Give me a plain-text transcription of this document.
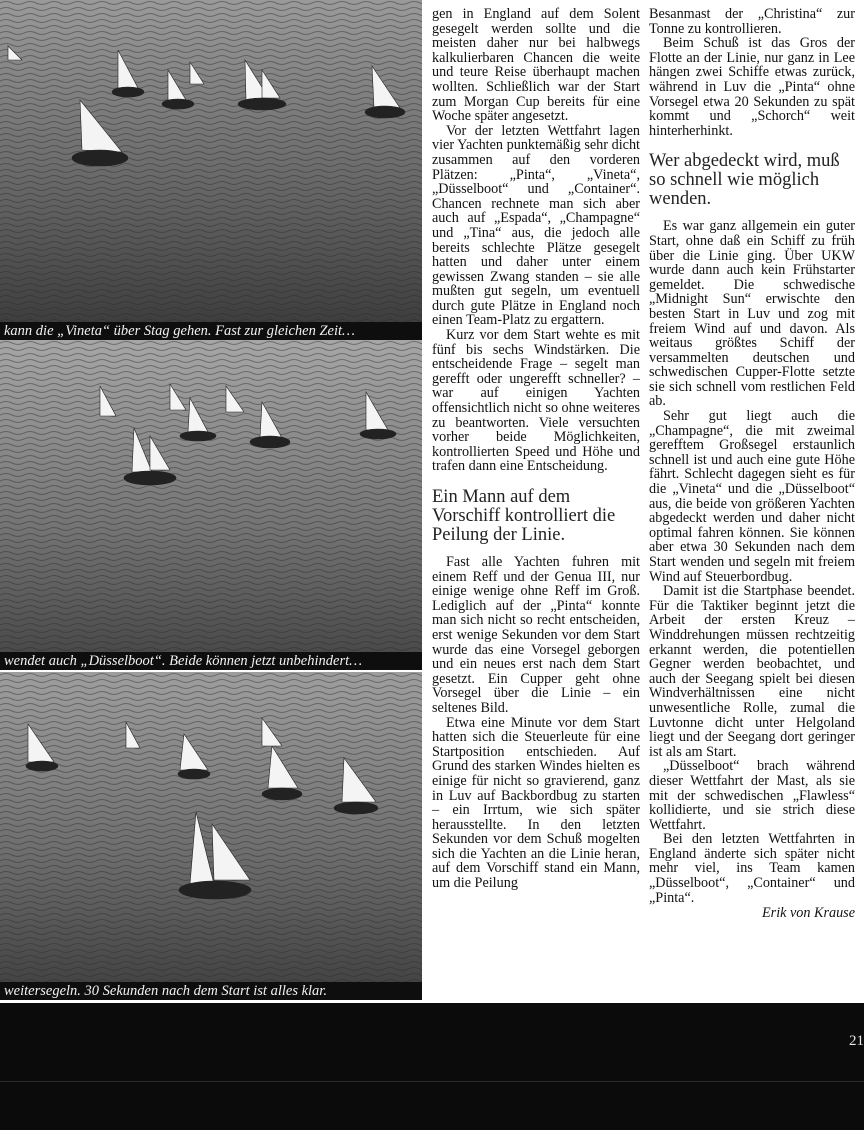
kann die „Vineta“ über Stag gehen. Fast zur gleichen Zeit…
wendet auch „Düsselboot“. Beide können jetzt unbehindert…
weitersegeln. 30 Sekunden nach dem Start ist alles klar.

gen in England auf dem Solent gesegelt werden sollte und die meisten daher nur bei halbwegs kalkulierbaren Chancen die weite und teure Reise überhaupt machen wollten. Schließlich war der Start zum Morgan Cup bereits für eine Woche später angesetzt.

Vor der letzten Wettfahrt lagen vier Yachten punktemäßig sehr dicht zusammen auf den vorderen Plätzen: „Pinta“, „Vineta“, „Düsselboot“ und „Container“. Chancen rechnete man sich aber auch auf „Espada“, „Champagne“ und „Tina“ aus, die jedoch alle bereits schlechte Plätze gesegelt hatten und daher unter einem gewissen Zwang standen – sie alle mußten gut segeln, um eventuell durch gute Plätze in England noch einen Team-Platz zu ergattern.

Kurz vor dem Start wehte es mit fünf bis sechs Windstärken. Die entscheidende Frage – segelt man gerefft oder ungerefft schneller? – war auf einigen Yachten offensichtlich nicht so ohne weiteres zu beantworten. Viele versuchten vorher beide Möglichkeiten, kontrollierten Speed und Höhe und trafen dann eine Entscheidung.

Ein Mann auf dem Vorschiff kontrolliert die Peilung der Linie.

Fast alle Yachten fuhren mit einem Reff und der Genua III, nur einige wenige ohne Reff im Groß. Lediglich auf der „Pinta“ konnte man sich nicht so recht entscheiden, erst wenige Sekunden vor dem Start wurde das eine Vorsegel geborgen und ein neues erst nach dem Start gesetzt. Ein Cupper geht ohne Vorsegel über die Linie – ein seltenes Bild.

Etwa eine Minute vor dem Start hatten sich die Steuerleute für eine Startposition entschieden. Auf Grund des starken Windes hielten es einige für nicht so gravierend, ganz in Luv auf Backbordbug zu starten – ein Irrtum, wie sich später herausstellte. In den letzten Sekunden vor dem Schuß mogelten sich die Yachten an die Linie heran, auf dem Vorschiff stand ein Mann, um die Peilung

Besanmast der „Christina“ zur Tonne zu kontrollieren.

Beim Schuß ist das Gros der Flotte an der Linie, nur ganz in Lee hängen zwei Schiffe etwas zurück, während in Luv die „Pinta“ ohne Vorsegel etwa 20 Sekunden zu spät kommt und „Schorch“ weit hinterherhinkt.

Wer abgedeckt wird, muß so schnell wie möglich wenden.

Es war ganz allgemein ein guter Start, ohne daß ein Schiff zu früh über die Linie ging. Über UKW wurde dann auch kein Frühstarter gemeldet. Die schwedische „Midnight Sun“ erwischte den besten Start in Luv und zog mit freiem Wind auf und davon. Als weitaus größtes Schiff der versammelten deutschen und schwedischen Cupper-Flotte setzte sie sich schnell vom restlichen Feld ab.

Sehr gut liegt auch die „Champagne“, die mit zweimal gerefftem Großsegel erstaunlich schnell ist und auch eine gute Höhe fährt. Schlecht dagegen sieht es für die „Vineta“ und die „Düsselboot“ aus, die beide von größeren Yachten abgedeckt werden und daher nicht optimal fahren können. Sie können aber etwa 30 Sekunden nach dem Start wenden und segeln mit freiem Wind auf Steuerbordbug.

Damit ist die Startphase beendet. Für die Taktiker beginnt jetzt die Arbeit der ersten Kreuz – Winddrehungen müssen rechtzeitig erkannt werden, die potentiellen Gegner werden beobachtet, und auch der Seegang spielt bei diesen Windverhältnissen eine nicht unwesentliche Rolle, zumal die Luvtonne dicht unter Helgoland liegt und der Seegang dort geringer ist als am Start.

„Düsselboot“ brach während dieser Wettfahrt der Mast, als sie mit der schwedischen „Flawless“ kollidierte, und sie strich diese Wettfahrt.

Bei den letzten Wettfahrten in England änderte sich später nicht mehr viel, ins Team kamen „Düsselboot“, „Container“ und „Pinta“.

Erik von Krause
21
